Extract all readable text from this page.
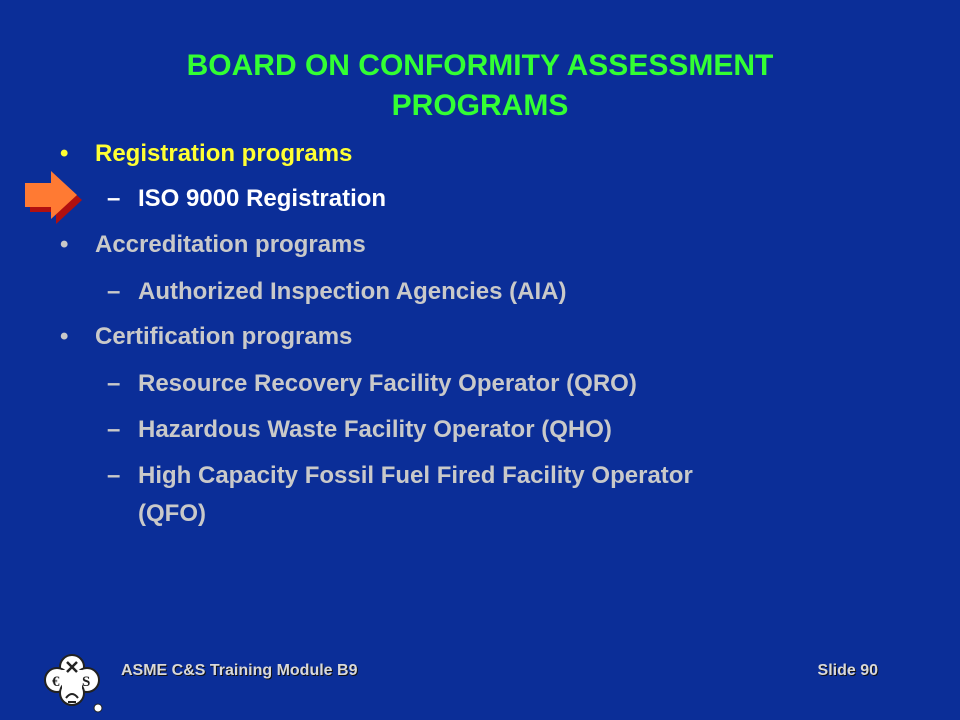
BOARD ON CONFORMITY ASSESSMENT
PROGRAMS
• Registration programs
– ISO 9000 Registration
• Accreditation programs
– Authorized Inspection Agencies (AIA)
• Certification programs
– Resource Recovery Facility Operator (QRO)
– Hazardous Waste Facility Operator (QHO)
– High Capacity Fossil Fuel Fired Facility Operator
(QFO)
€ S
ASME C&S Training Module B9	Slide 90
